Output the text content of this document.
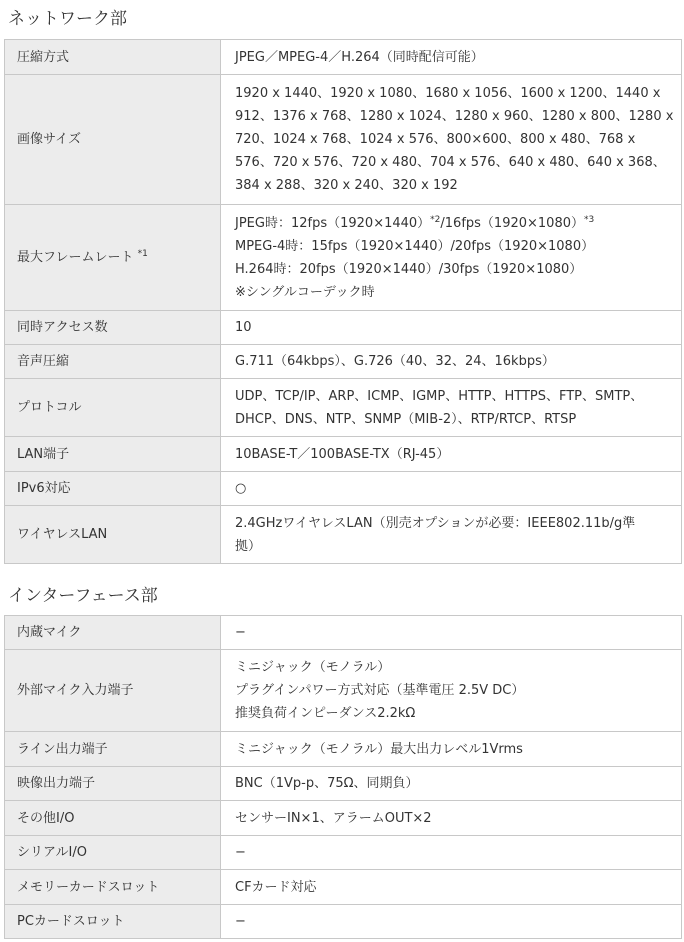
ネットワーク部
圧縮方式	JPEG／MPEG-4／H.264（同時配信可能）

画像サイズ	1920 x 1440、1920 x 1080、1680 x 1056、1600 x 1200、1440 x
912、1376 x 768、1280 x 1024、1280 x 960、1280 x 800、1280 x
720、1024 x 768、1024 x 576、800×600、800 x 480、768 x
576、720 x 576、720 x 480、704 x 576、640 x 480、640 x 368、
384 x 288、320 x 240、320 x 192

最大フレームレート $^{*1}$	JPEG時：$12fps(1920\times 1440)^{*2}/16fps(1920\times 1080)^{*3}$
MPEG-4時：15fps（1920×1440）/20fps（1920×1080）
H.264時：20fps（1920×1440）/30fps（1920×1080）
※シングルコーデック時

同時アクセス数	10

音声圧縮	G.711（64kbps）、G.726（40、32、24、16kbps）

プロトコル	UDP、TCP/IP、ARP、ICMP、IGMP、HTTP、HTTPS、FTP、SMTP、
DHCP、DNS、NTP、SNMP（MIB-2）、RTP/RTCP、RTSP

LAN端子	10BASE-T／100BASE-TX（RJ-45）

IPv6対応	○

ワイヤレスLAN	2.4GHzワイヤレスLAN（別売オプションが必要：IEEE802.11b/g準
拠）
インターフェース部
内蔵マイク	−

外部マイク入力端子	ミニジャック（モノラル）
プラグインパワー方式対応（基準電圧 2.5V DC）
推奨負荷インピーダンス2.2kΩ

ライン出力端子	ミニジャック（モノラル）最大出力レベル1Vrms

映像出力端子	BNC（1Vp-p、75Ω、同期負）

その他I/O	センサーIN×1、アラームOUT×2

シリアルI/O	−

メモリーカードスロット	CFカード対応

PCカードスロット	−
